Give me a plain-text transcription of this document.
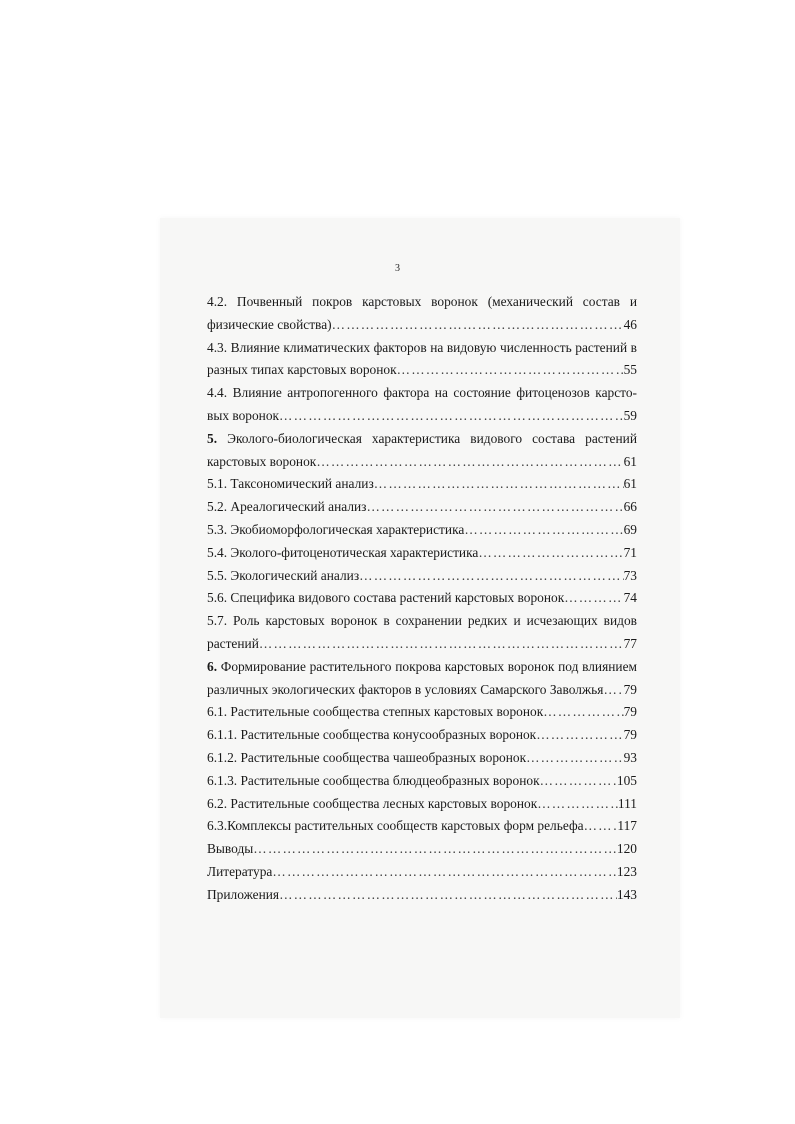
3
4.2. Почвенный покров карстовых воронок (механический состав и
физические свойства) ……………………………………………………………………………………………………………………………………	46
4.3. Влияние климатических факторов на видовую численность растений в
разных типах карстовых воронок ……………………………………………………………………………………………………………………………………	55
4.4. Влияние антропогенного фактора на состояние фитоценозов карсто-
вых воронок ……………………………………………………………………………………………………………………………………	59
5. Эколого-биологическая характеристика видового состава растений
карстовых воронок ……………………………………………………………………………………………………………………………………	61
5.1. Таксономический анализ ……………………………………………………………………………………………………………………………………	61
5.2. Ареалогический анализ ……………………………………………………………………………………………………………………………………	66
5.3. Экобиоморфологическая характеристика ……………………………………………………………………………………………………………………………………	69
5.4. Эколого-фитоценотическая характеристика ……………………………………………………………………………………………………………………………………	71
5.5. Экологический анализ ……………………………………………………………………………………………………………………………………	73
5.6. Специфика видового состава растений карстовых воронок ……………………………………………………………………………………………………………………………………	74
5.7. Роль карстовых воронок в сохранении редких и исчезающих видов
растений ……………………………………………………………………………………………………………………………………	77
6. Формирование растительного покрова карстовых воронок под влиянием
различных экологических факторов в условиях Самарского Заволжья …………………………………………………………………………………………………………………………………… 79
6.1. Растительные сообщества степных карстовых воронок ……………………………………………………………………………………………………………………………………	79
6.1.1. Растительные сообщества конусообразных воронок ……………………………………………………………………………………………………………………………………	79
6.1.2. Растительные сообщества чашеобразных воронок ……………………………………………………………………………………………………………………………………	93
6.1.3. Растительные сообщества блюдцеобразных воронок ……………………………………………………………………………………………………………………………………	105
6.2. Растительные сообщества лесных карстовых воронок ……………………………………………………………………………………………………………………………………	111
6.3.Комплексы растительных сообществ карстовых форм рельефа ……………………………………………………………………………………………………………………………………	117
Выводы ……………………………………………………………………………………………………………………………………	120
Литература ……………………………………………………………………………………………………………………………………	123
Приложения ……………………………………………………………………………………………………………………………………	143
